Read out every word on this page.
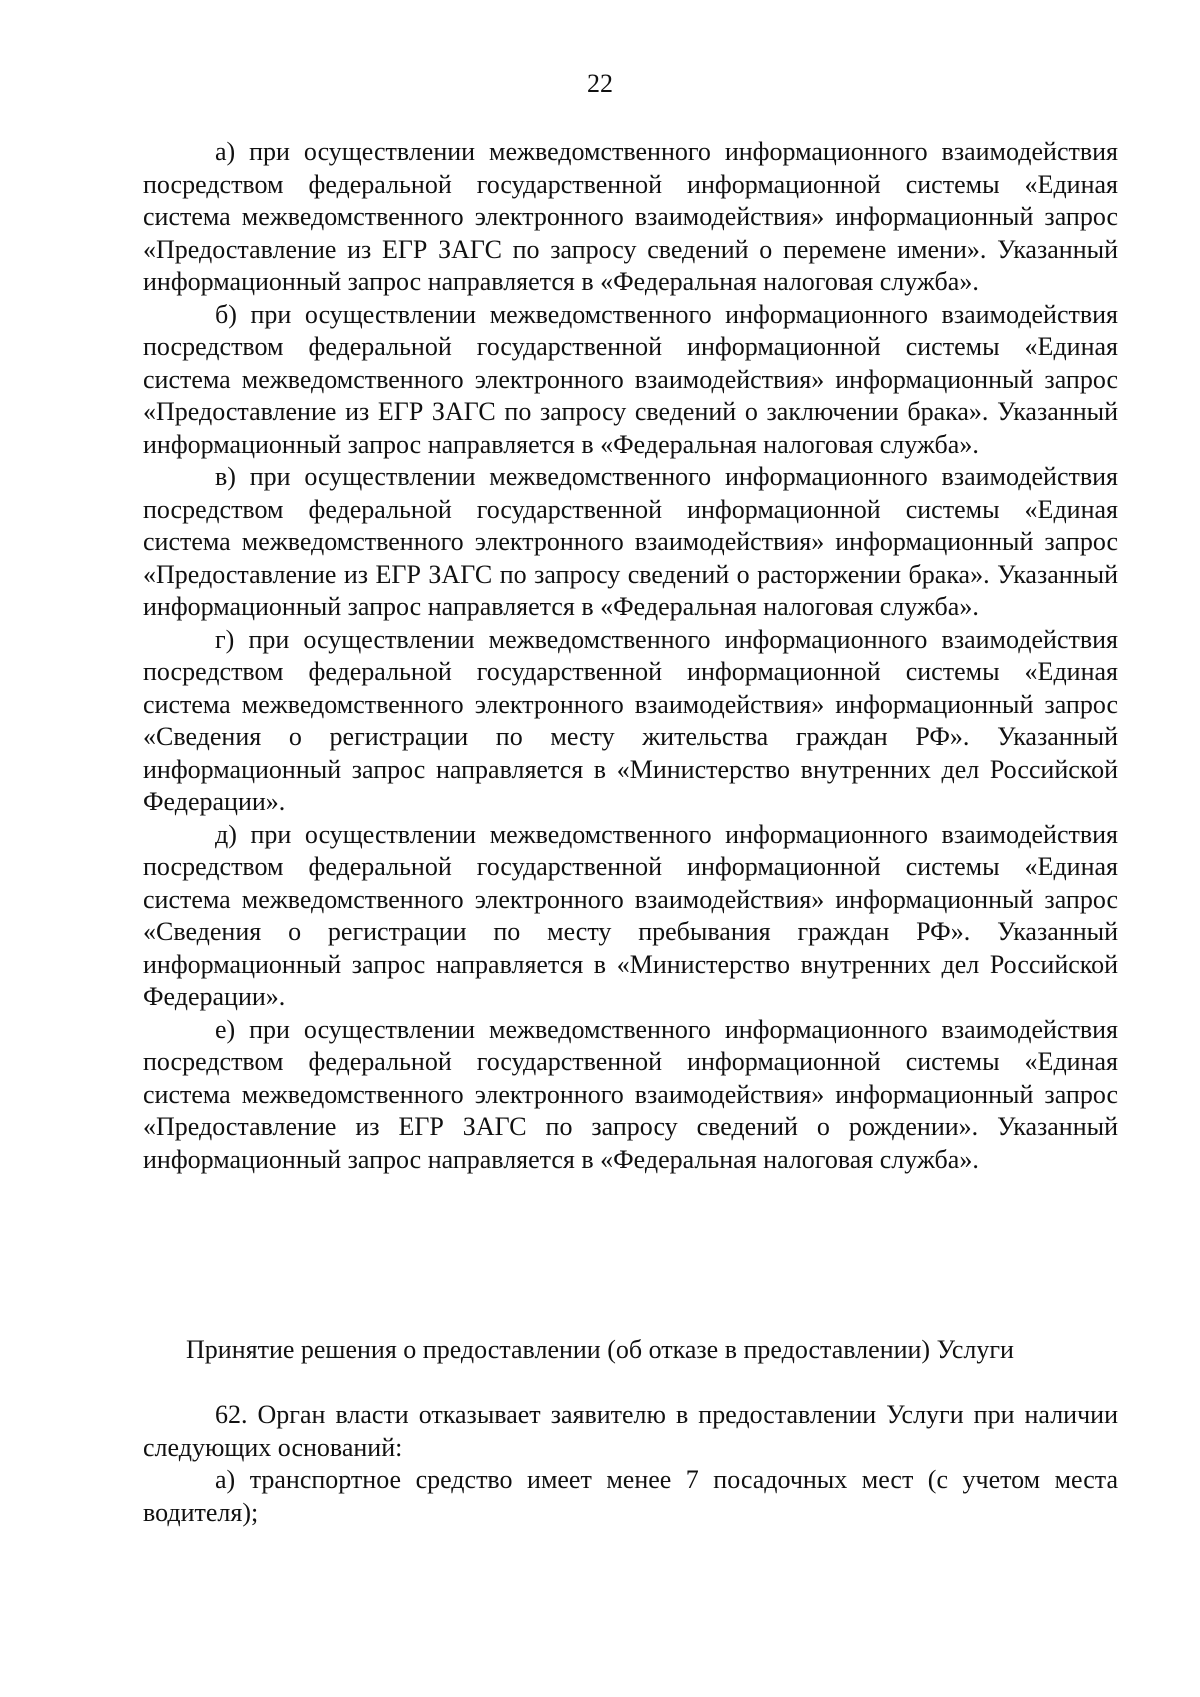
22

а) при осуществлении межведомственного информационного взаимодействия посредством федеральной государственной информационной системы «Единая система межведомственного электронного взаимодействия» информационный запрос «Предоставление из ЕГР ЗАГС по запросу сведений о перемене имени». Указанный информационный запрос направляется в «Федеральная налоговая служба».

б) при осуществлении межведомственного информационного взаимодействия посредством федеральной государственной информационной системы «Единая система межведомственного электронного взаимодействия» информационный запрос «Предоставление из ЕГР ЗАГС по запросу сведений о заключении брака». Указанный информационный запрос направляется в «Федеральная налоговая служба».

в) при осуществлении межведомственного информационного взаимодействия посредством федеральной государственной информационной системы «Единая система межведомственного электронного взаимодействия» информационный запрос «Предоставление из ЕГР ЗАГС по запросу сведений о расторжении брака». Указанный информационный запрос направляется в «Федеральная налоговая служба».

г) при осуществлении межведомственного информационного взаимодействия посредством федеральной государственной информационной системы «Единая система межведомственного электронного взаимодействия» информационный запрос «Сведения о регистрации по месту жительства граждан РФ». Указанный информационный запрос направляется в «Министерство внутренних дел Российской Федерации».

д) при осуществлении межведомственного информационного взаимодействия посредством федеральной государственной информационной системы «Единая система межведомственного электронного взаимодействия» информационный запрос «Сведения о регистрации по месту пребывания граждан РФ». Указанный информационный запрос направляется в «Министерство внутренних дел Российской Федерации».

е) при осуществлении межведомственного информационного взаимодействия посредством федеральной государственной информационной системы «Единая система межведомственного электронного взаимодействия» информационный запрос «Предоставление из ЕГР ЗАГС по запросу сведений о рождении». Указанный информационный запрос направляется в «Федеральная налоговая служба».

Принятие решения о предоставлении (об отказе в предоставлении) Услуги

62. Орган власти отказывает заявителю в предоставлении Услуги при наличии следующих оснований:

а) транспортное средство имеет менее 7 посадочных мест (с учетом места водителя);
